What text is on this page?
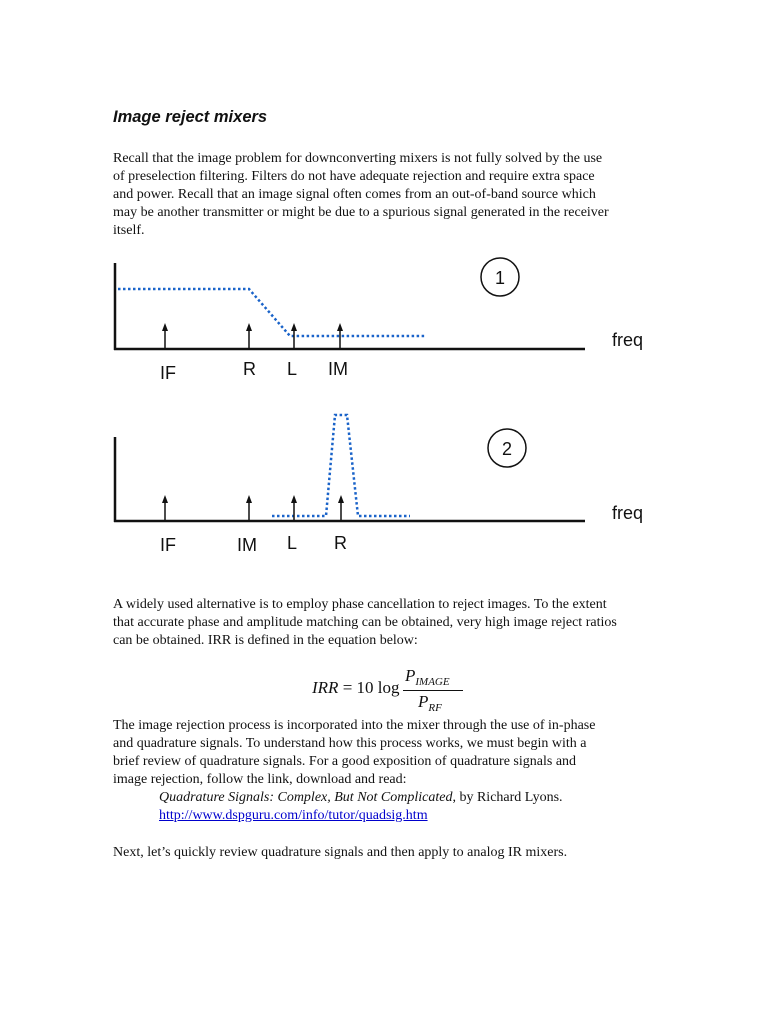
Image reject mixers

Recall that the image problem for downconverting mixers is not fully solved by the use
of preselection filtering. Filters do not have adequate rejection and require extra space
and power. Recall that an image signal often comes from an out-of-band source which
may be another transmitter or might be due to a spurious signal generated in the receiver
itself.

1
freq
IF	R L IM
2
freq
IF	IM L R

A widely used alternative is to employ phase cancellation to reject images. To the extent
that accurate phase and amplitude matching can be obtained, very high image reject ratios
can be obtained. IRR is defined in the equation below:

IRR = 10 log
$P_{IMAGE}$
$P_{RF}$

The image rejection process is incorporated into the mixer through the use of in-phase
and quadrature signals. To understand how this process works, we must begin with a
brief review of quadrature signals. For a good exposition of quadrature signals and
image rejection, follow the link, download and read:

Quadrature Signals: Complex, But Not Complicated, by Richard Lyons.

http://www.dspguru.com/info/tutor/quadsig.htm

Next, let’s quickly review quadrature signals and then apply to analog IR mixers.
